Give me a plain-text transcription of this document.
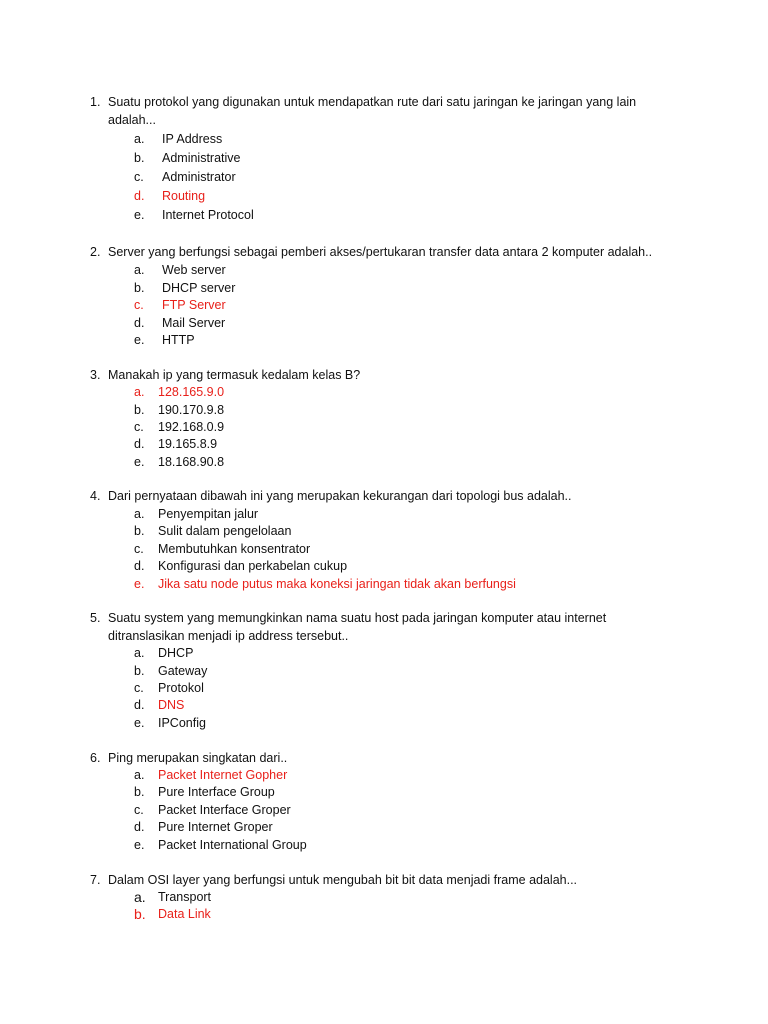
1. Suatu protokol yang digunakan untuk mendapatkan rute dari satu jaringan ke jaringan yang lain
adalah...
a. IP Address
b. Administrative
c. Administrator
d. Routing
e. Internet Protocol
2. Server yang berfungsi sebagai pemberi akses/pertukaran transfer data antara 2 komputer adalah..
a. Web server
b. DHCP server
c. FTP Server
d. Mail Server
e. HTTP
3. Manakah ip yang termasuk kedalam kelas B?
a. 128.165.9.0
b. 190.170.9.8
c. 192.168.0.9
d. 19.165.8.9
e. 18.168.90.8
4. Dari pernyataan dibawah ini yang merupakan kekurangan dari topologi bus adalah..
a. Penyempitan jalur
b. Sulit dalam pengelolaan
c. Membutuhkan konsentrator
d. Konfigurasi dan perkabelan cukup
e. Jika satu node putus maka koneksi jaringan tidak akan berfungsi
5. Suatu system yang memungkinkan nama suatu host pada jaringan komputer atau internet
ditranslasikan menjadi ip address tersebut..
a. DHCP
b. Gateway
c. Protokol
d. DNS
e. IPConfig
6. Ping merupakan singkatan dari..
a. Packet Internet Gopher
b. Pure Interface Group
c. Packet Interface Groper
d. Pure Internet Groper
e. Packet International Group
7. Dalam OSI layer yang berfungsi untuk mengubah bit bit data menjadi frame adalah...
a. Transport
b. Data Link
